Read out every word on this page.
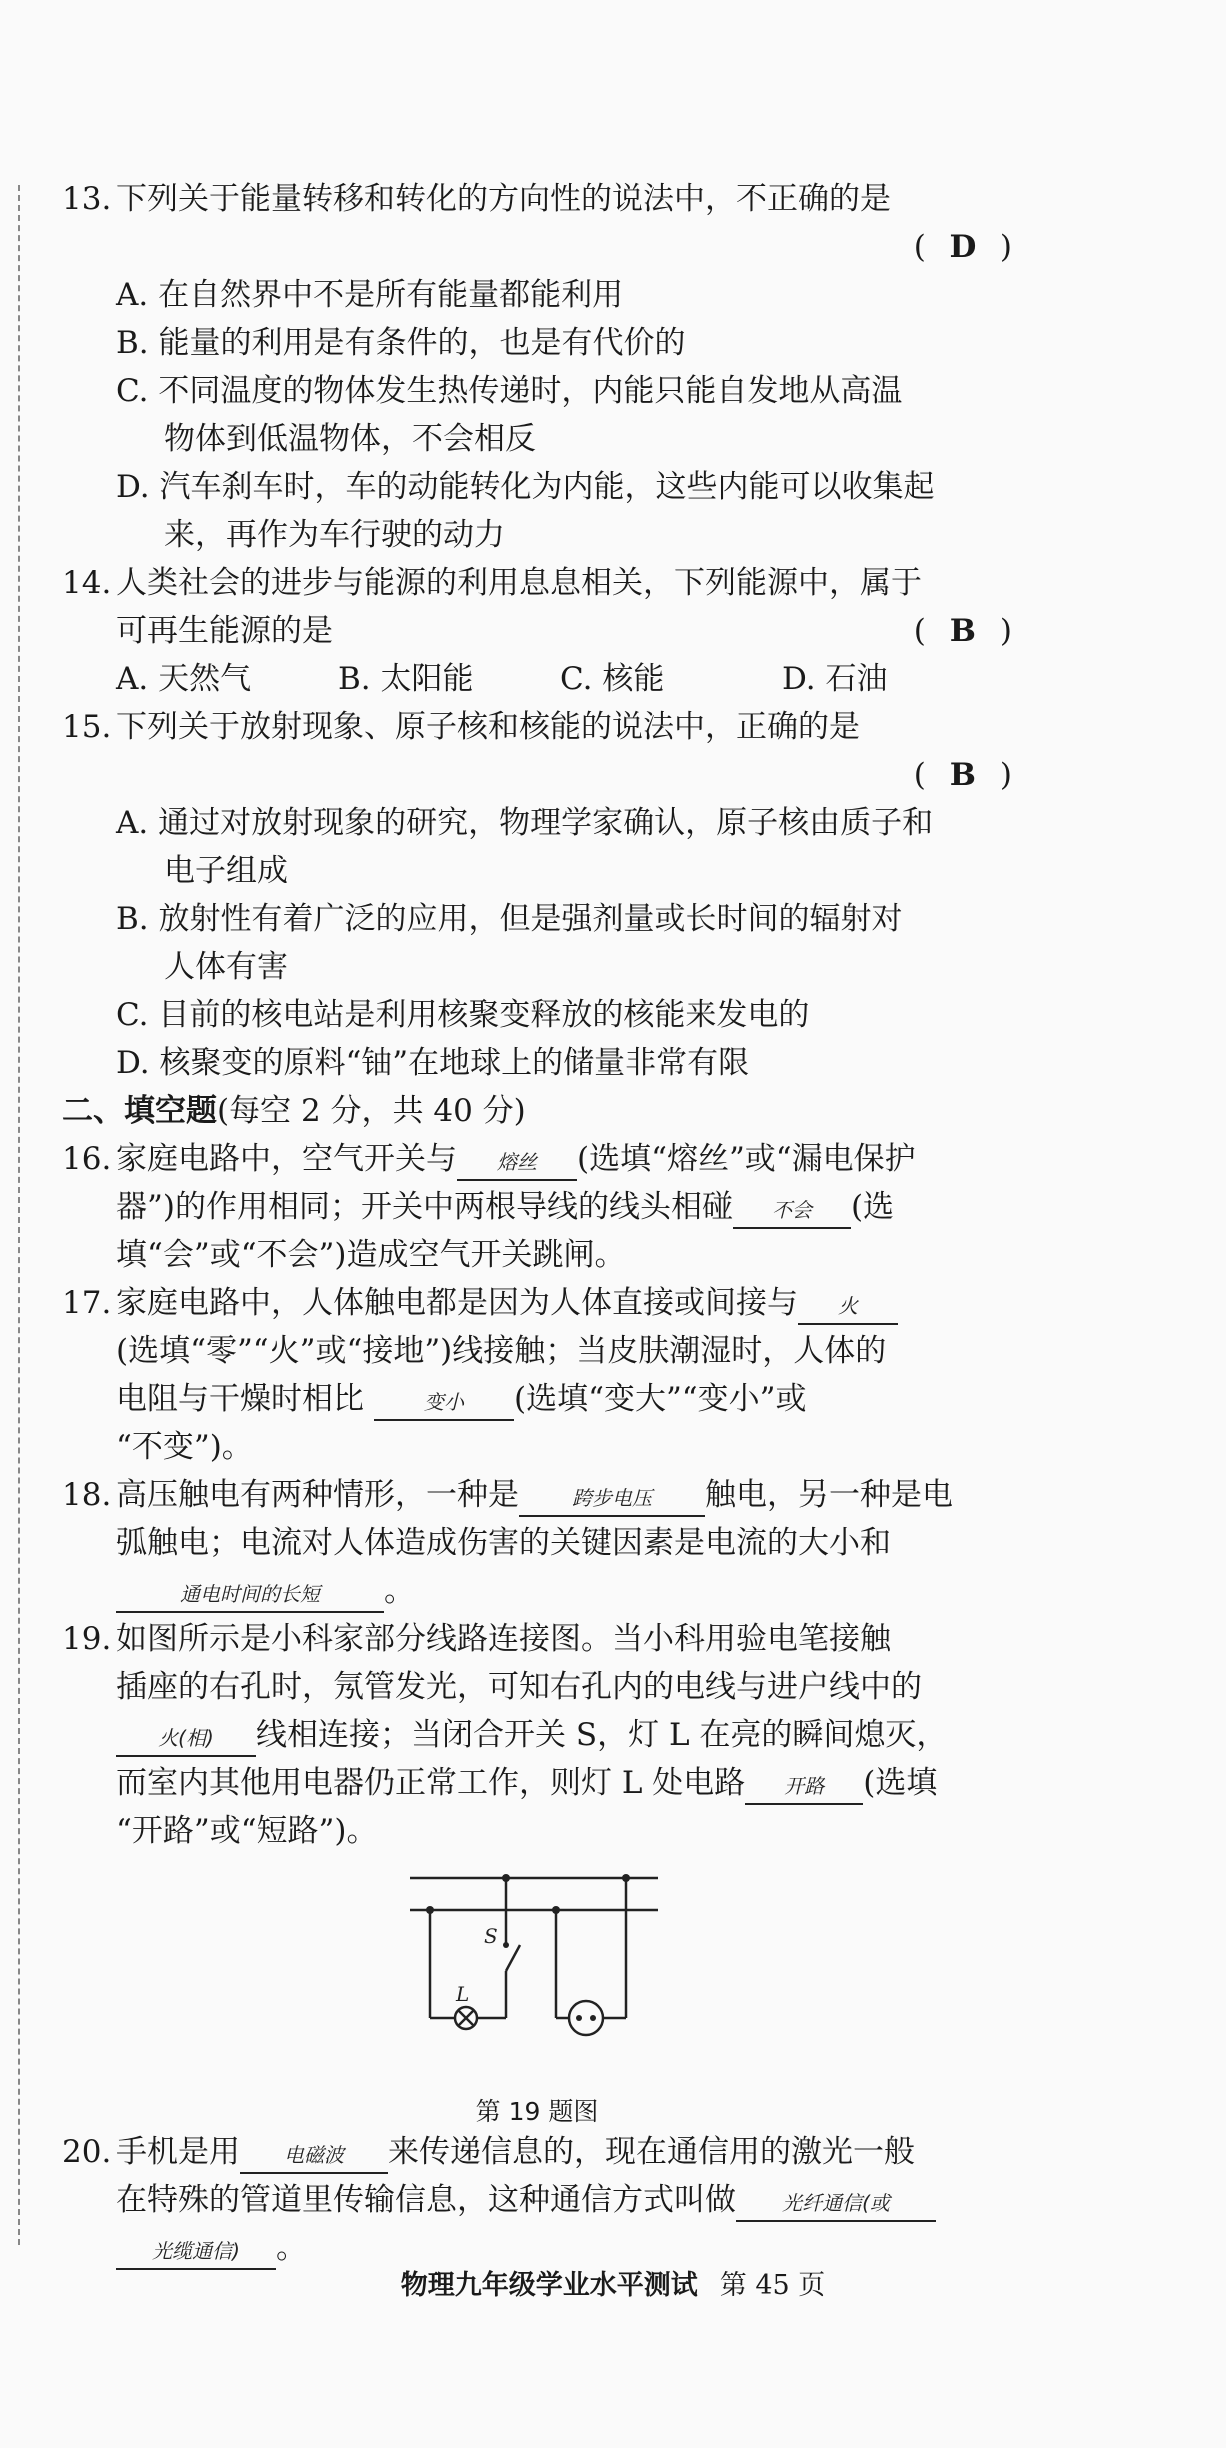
13. 下列关于能量转移和转化的方向性的说法中，不正确的是
( D )
A. 在自然界中不是所有能量都能利用
B. 能量的利用是有条件的，也是有代价的
C. 不同温度的物体发生热传递时，内能只能自发地从高温
物体到低温物体，不会相反
D. 汽车刹车时，车的动能转化为内能，这些内能可以收集起
来，再作为车行驶的动力
14. 人类社会的进步与能源的利用息息相关，下列能源中，属于
可再生能源的是	( B )
A. 天然气	B. 太阳能	C. 核能	D. 石油
15. 下列关于放射现象、原子核和核能的说法中，正确的是
( B )
A. 通过对放射现象的研究，物理学家确认，原子核由质子和
电子组成
B. 放射性有着广泛的应用，但是强剂量或长时间的辐射对
人体有害
C. 目前的核电站是利用核聚变释放的核能来发电的
D. 核聚变的原料“铀”在地球上的储量非常有限
二、填空题(每空 2 分，共 40 分)
16. 家庭电路中，空气开关与 熔丝 (选填“熔丝”或“漏电保护
器”)的作用相同；开关中两根导线的线头相碰 不会 (选
填“会”或“不会”)造成空气开关跳闸。
17. 家庭电路中，人体触电都是因为人体直接或间接与 火
(选填“零”“火”或“接地”)线接触；当皮肤潮湿时，人体的
电阻与干燥时相比	变小 (选填“变大”“变小”或
“不变”)。
18. 高压触电有两种情形，一种是	跨步电压 触电，另一种是电
弧触电；电流对人体造成伤害的关键因素是电流的大小和
通电时间的长短 。
19. 如图所示是小科家部分线路连接图。当小科用验电笔接触
插座的右孔时，氖管发光，可知右孔内的电线与进户线中的
火(相) 线相连接；当闭合开关 S，灯 L 在亮的瞬间熄灭，
而室内其他用电器仍正常工作，则灯 L 处电路 开路 (选填
“开路”或“短路”)。
S
L
第 19 题图
20. 手机是用 电磁波 来传递信息的，现在通信用的激光一般
在特殊的管道里传输信息，这种通信方式叫做 光纤通信(或
光缆通信) 。
物理九年级学业水平测试 第 45 页
